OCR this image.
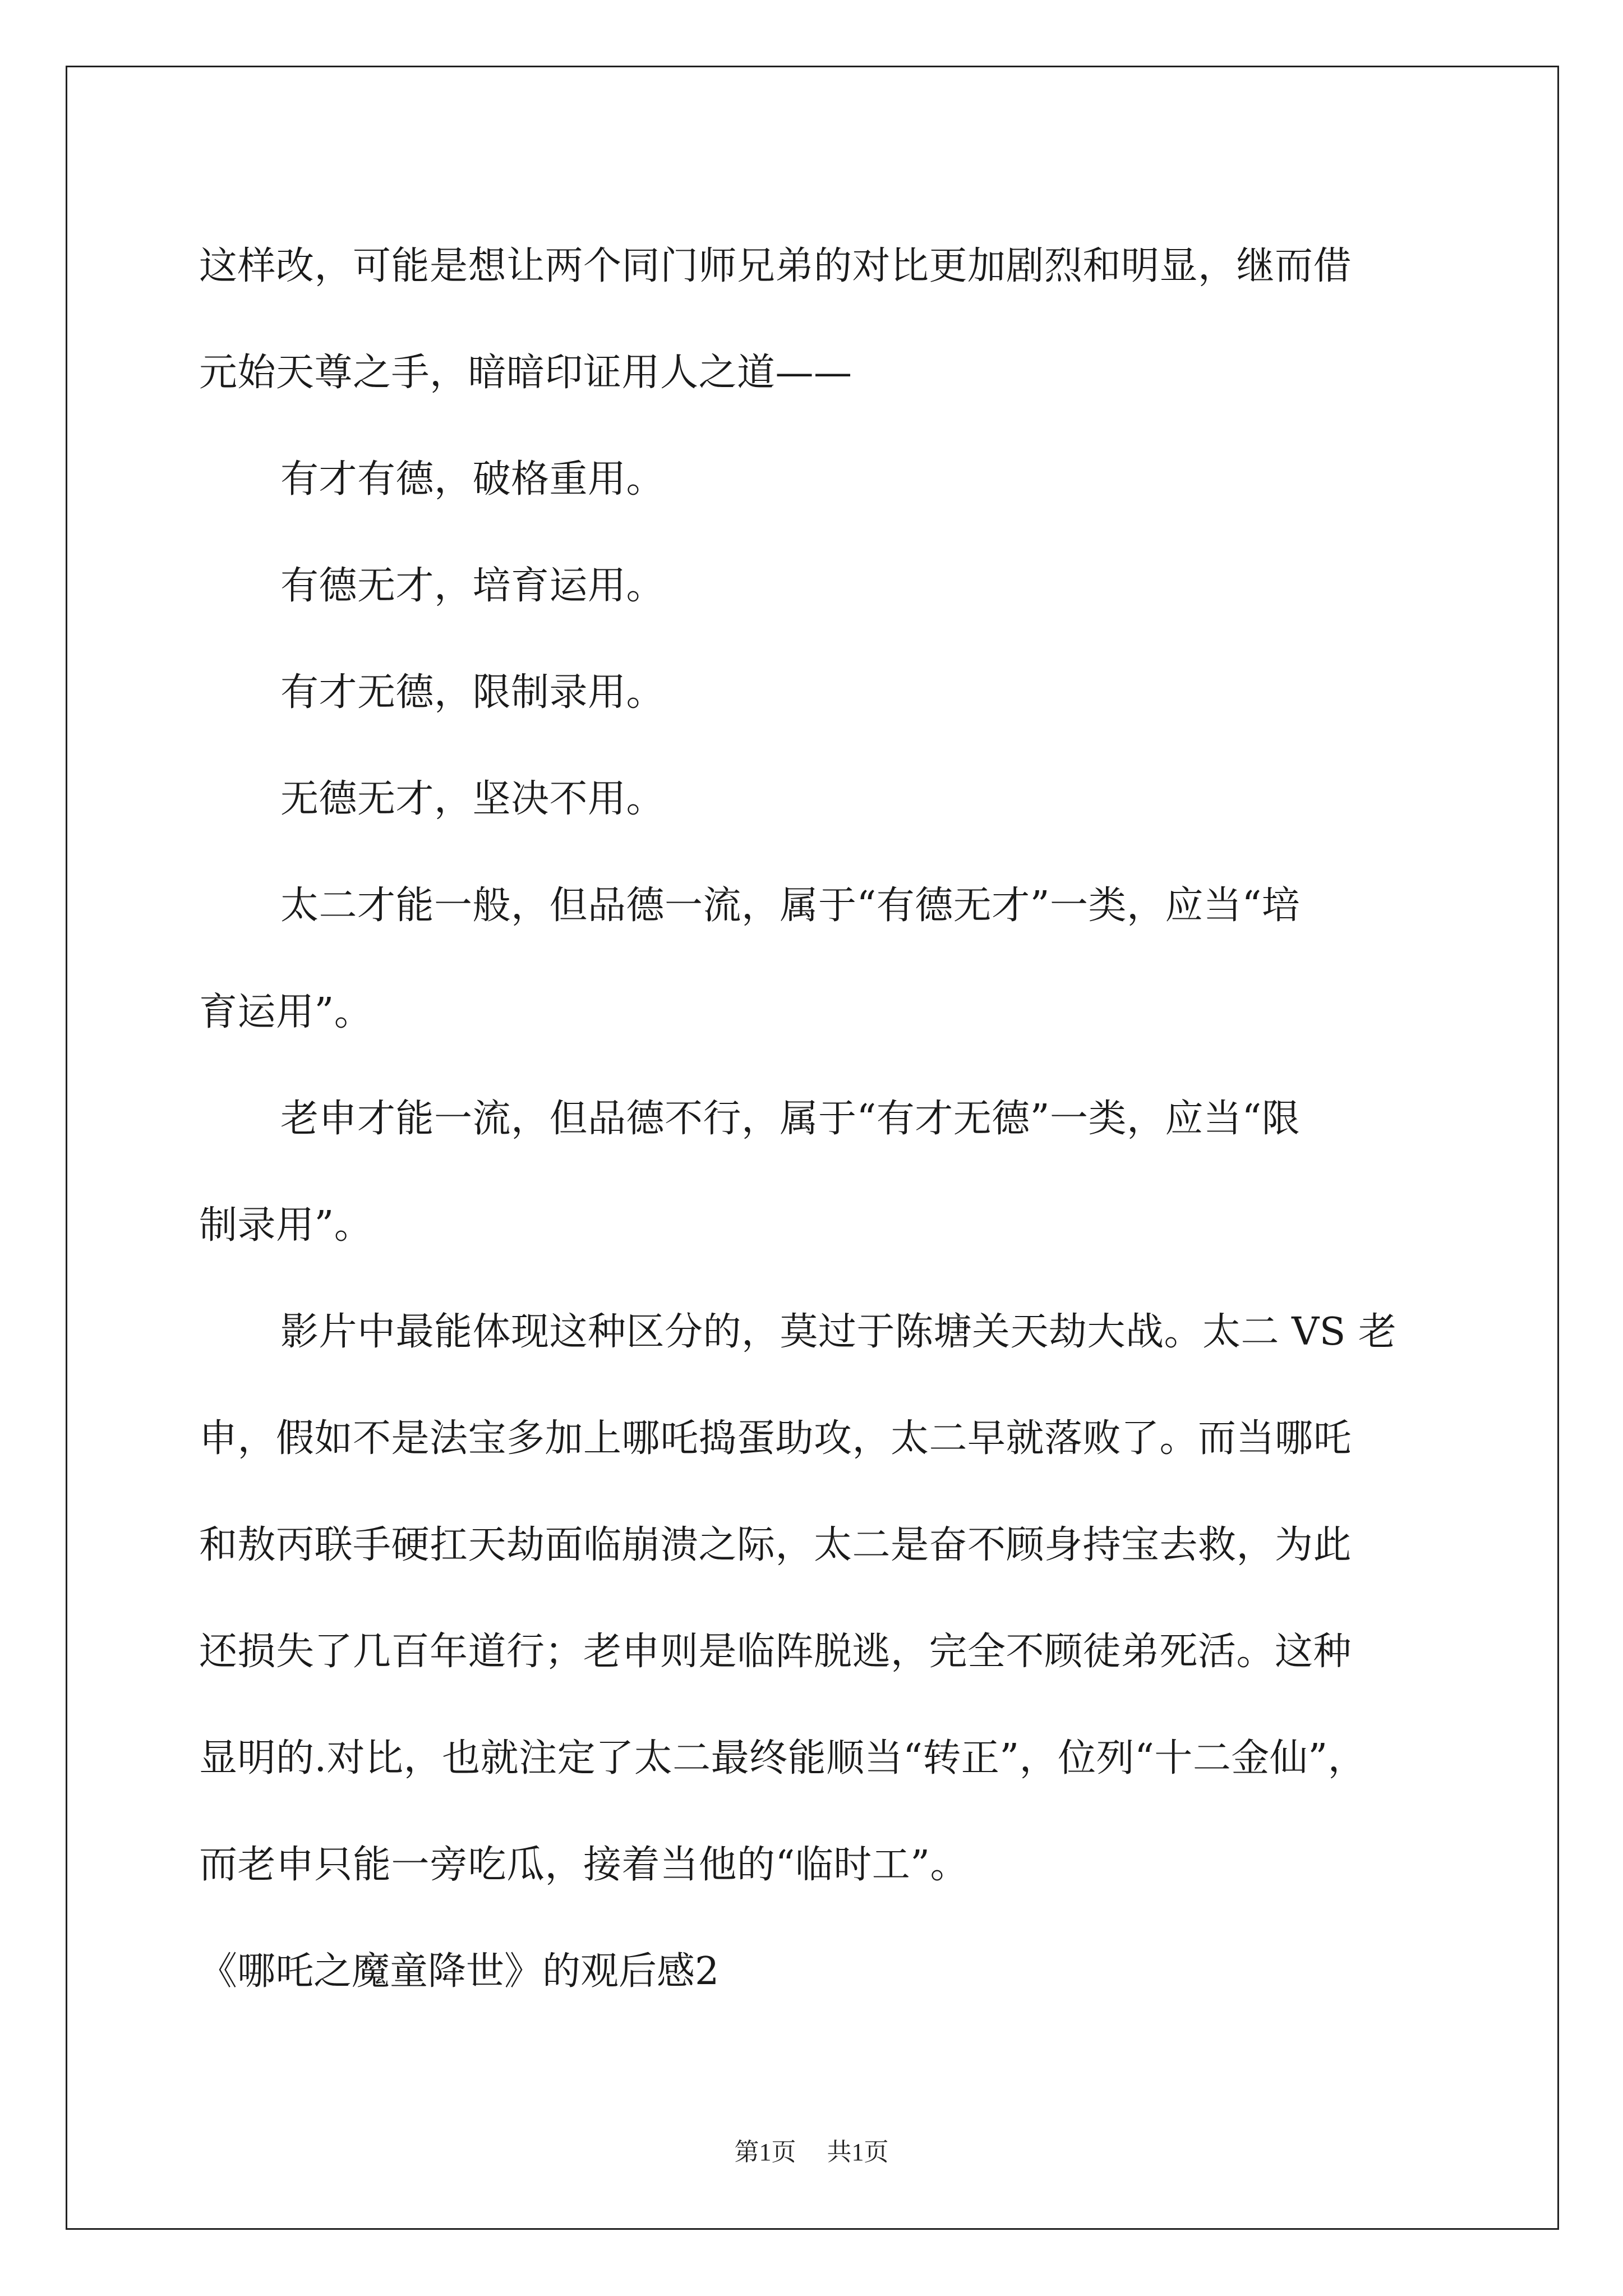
这样改，可能是想让两个同门师兄弟的对比更加剧烈和明显，继而借

元始天尊之手，暗暗印证用人之道——

有才有德，破格重用。

有德无才，培育运用。

有才无德，限制录用。

无德无才，坚决不用。

太二才能一般，但品德一流，属于“有德无才”一类，应当“培

育运用”。

老申才能一流，但品德不行，属于“有才无德”一类，应当“限

制录用”。

影片中最能体现这种区分的，莫过于陈塘关天劫大战。太二 VS 老

申，假如不是法宝多加上哪吒捣蛋助攻，太二早就落败了。而当哪吒

和敖丙联手硬扛天劫面临崩溃之际，太二是奋不顾身持宝去救，为此

还损失了几百年道行；老申则是临阵脱逃，完全不顾徒弟死活。这种

显明的.对比，也就注定了太二最终能顺当“转正”，位列“十二金仙”，

而老申只能一旁吃瓜，接着当他的“临时工”。

《哪吒之魔童降世》的观后感2

第1页 共1页
